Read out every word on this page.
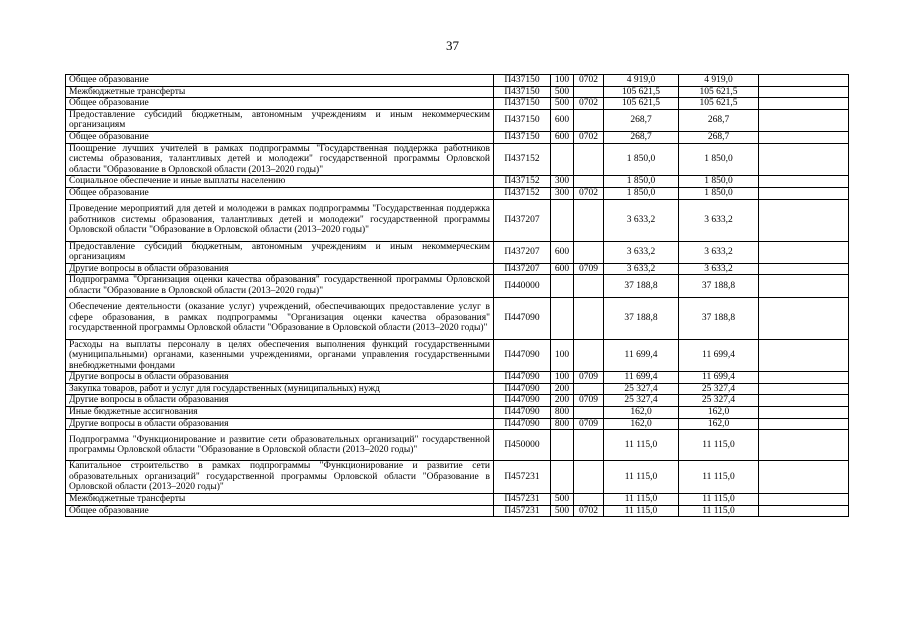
37
Общее образование	П437150	100	0702	4 919,0	4 919,0	
Межбюджетные трансферты	П437150	500		105 621,5	105 621,5	
Общее образование	П437150	500	0702	105 621,5	105 621,5	
Предоставление субсидий бюджетным, автономным учреждениям и иным некоммерческим организациям	П437150	600		268,7	268,7	
Общее образование	П437150	600	0702	268,7	268,7	
Поощрение лучших учителей в рамках подпрограммы "Государственная поддержка работников системы образования, талантливых детей и молодежи" государственной программы Орловской области "Образование в Орловской области (2013–2020 годы)"	П437152			1 850,0	1 850,0	
Социальное обеспечение и иные выплаты населению	П437152	300		1 850,0	1 850,0	
Общее образование	П437152	300	0702	1 850,0	1 850,0	
Проведение мероприятий для детей и молодежи в рамках подпрограммы "Государственная поддержка работников системы образования, талантливых детей и молодежи" государственной программы Орловской области "Образование в Орловской области (2013–2020 годы)"	П437207			3 633,2	3 633,2	
Предоставление субсидий бюджетным, автономным учреждениям и иным некоммерческим организациям	П437207	600		3 633,2	3 633,2	
Другие вопросы в области образования	П437207	600	0709	3 633,2	3 633,2	
Подпрограмма "Организация оценки качества образования" государственной программы Орловской области "Образование в Орловской области (2013–2020 годы)"	П440000			37 188,8	37 188,8	
Обеспечение деятельности (оказание услуг) учреждений, обеспечивающих предоставление услуг в сфере образования, в рамках подпрограммы "Организация оценки качества образования" государственной программы Орловской области "Образование в Орловской области (2013–2020 годы)"	П447090			37 188,8	37 188,8	
Расходы на выплаты персоналу в целях обеспечения выполнения функций государственными (муниципальными) органами, казенными учреждениями, органами управления государственными внебюджетными фондами	П447090	100		11 699,4	11 699,4	
Другие вопросы в области образования	П447090	100	0709	11 699,4	11 699,4	
Закупка товаров, работ и услуг для государственных (муниципальных) нужд	П447090	200		25 327,4	25 327,4	
Другие вопросы в области образования	П447090	200	0709	25 327,4	25 327,4	
Иные бюджетные ассигнования	П447090	800		162,0	162,0	
Другие вопросы в области образования	П447090	800	0709	162,0	162,0	
Подпрограмма "Функционирование и развитие сети образовательных организаций" государственной программы Орловской области "Образование в Орловской области (2013–2020 годы)"	П450000			11 115,0	11 115,0	
Капитальное строительство в рамках подпрограммы "Функционирование и развитие сети образовательных организаций" государственной программы Орловской области "Образование в Орловской области (2013–2020 годы)"	П457231			11 115,0	11 115,0	
Межбюджетные трансферты	П457231	500		11 115,0	11 115,0	
Общее образование	П457231	500	0702	11 115,0	11 115,0	
